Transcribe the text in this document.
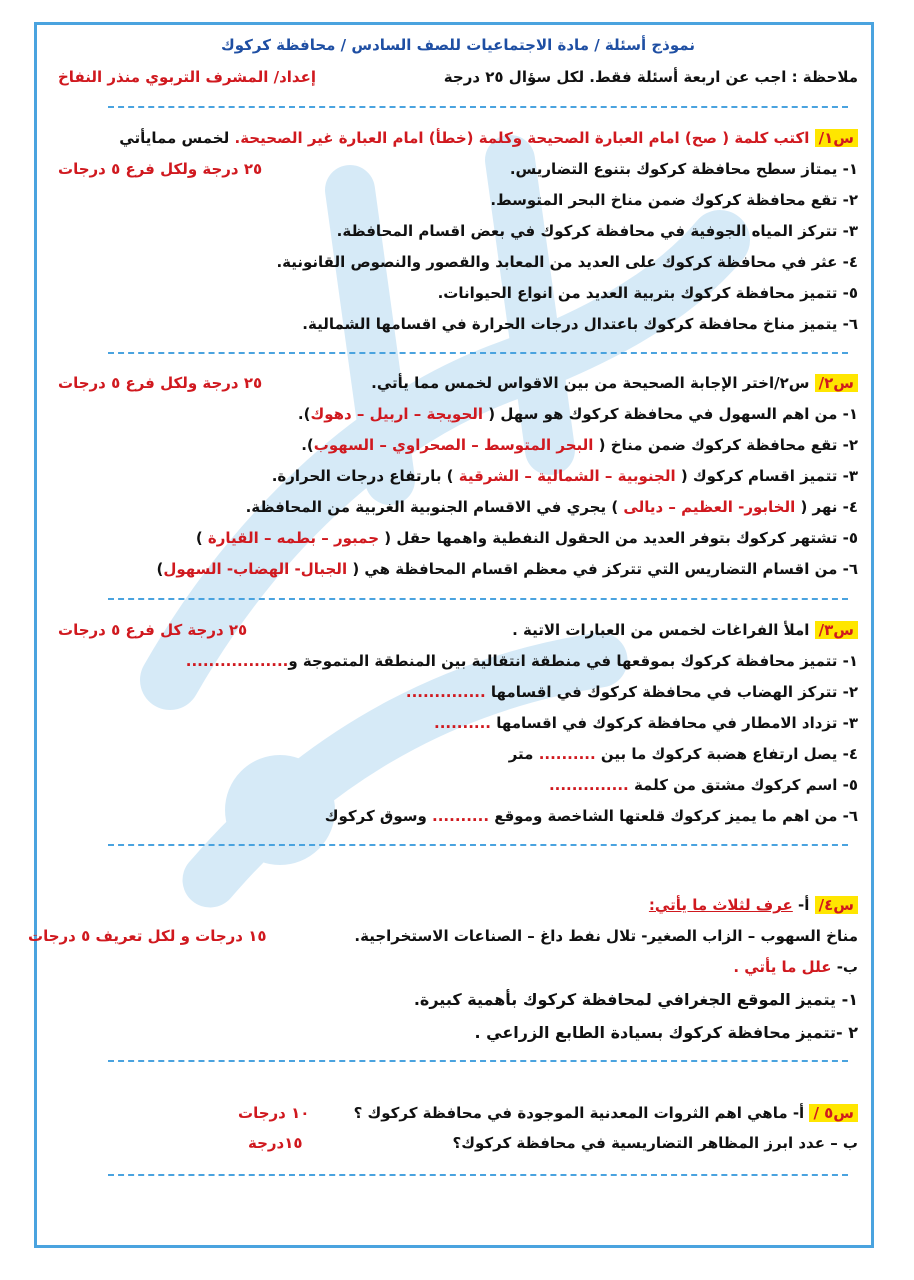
نموذج أسئلة / مادة الاجتماعيات للصف السادس / محافظة كركوك
ملاحظة : اجب عن اربعة أسئلة فقط. لكل سؤال ٢٥ درجة
إعداد/ المشرف التربوي منذر النفاخ
س١/ اكتب كلمة ( صح) امام العبارة الصحيحة وكلمة (خطأ) امام العبارة غير الصحيحة. لخمس ممايأتي
١- يمتاز سطح محافظة كركوك بتنوع التضاريس.
٢٥ درجة ولكل فرع ٥ درجات
٢- تقع محافظة كركوك ضمن مناخ البحر المتوسط.
٣- تتركز المياه الجوفية في محافظة كركوك في بعض اقسام المحافظة.
٤- عثر في محافظة كركوك على العديد من المعابد والقصور والنصوص القانونية.
٥- تتميز محافظة كركوك بتربية العديد من انواع الحيوانات.
٦- يتميز مناخ محافظة كركوك باعتدال درجات الحرارة في اقسامها الشمالية.
س٢/ س٢/اختر الإجابة الصحيحة من بين الاقواس لخمس مما يأتي.
٢٥ درجة ولكل فرع ٥ درجات
١- من اهم السهول في محافظة كركوك هو سهل ( الحويجة – اربيل – دهوك).
٢- تقع محافظة كركوك ضمن مناخ ( البحر المتوسط – الصحراوي – السهوب).
٣- تتميز اقسام كركوك ( الجنوبية – الشمالية – الشرقية ) بارتفاع درجات الحرارة.
٤- نهر ( الخابور- العظيم – ديالى ) يجري في الاقسام الجنوبية الغربية من المحافظة.
٥- تشتهر كركوك بتوفر العديد من الحقول النفطية واهمها حقل ( جمبور – بطمه – القيارة )
٦- من اقسام التضاريس التي تتركز في معظم اقسام المحافظة هي ( الجبال- الهضاب- السهول)
س٣/ املأ الفراغات لخمس من العبارات الاتية .
٢٥ درجة كل فرع ٥ درجات
١- تتميز محافظة كركوك بموقعها في منطقة انتقالية بين المنطقة المتموجة و..................
٢- تتركز الهضاب في محافظة كركوك في اقسامها ..............
٣- تزداد الامطار في محافظة كركوك في اقسامها ..........
٤- يصل ارتفاع هضبة كركوك ما بين .......... متر
٥- اسم كركوك مشتق من كلمة ..............
٦- من اهم ما يميز كركوك قلعتها الشاخصة وموقع .......... وسوق كركوك
س٤/ أ- عرف لثلاث ما يأتي:
مناخ السهوب – الزاب الصغير- تلال نفط داغ – الصناعات الاستخراجية.
١٥ درجات و لكل تعريف ٥ درجات
ب- علل ما يأتي .
١- يتميز الموقع الجغرافي لمحافظة كركوك بأهمية كبيرة.
٢ -تتميز محافظة كركوك بسيادة الطابع الزراعي .
س٥ / أ- ماهي اهم الثروات المعدنية الموجودة في محافظة كركوك ؟
١٠ درجات
ب – عدد ابرز المظاهر التضاريسية في محافظة كركوك؟
١٥درجة
